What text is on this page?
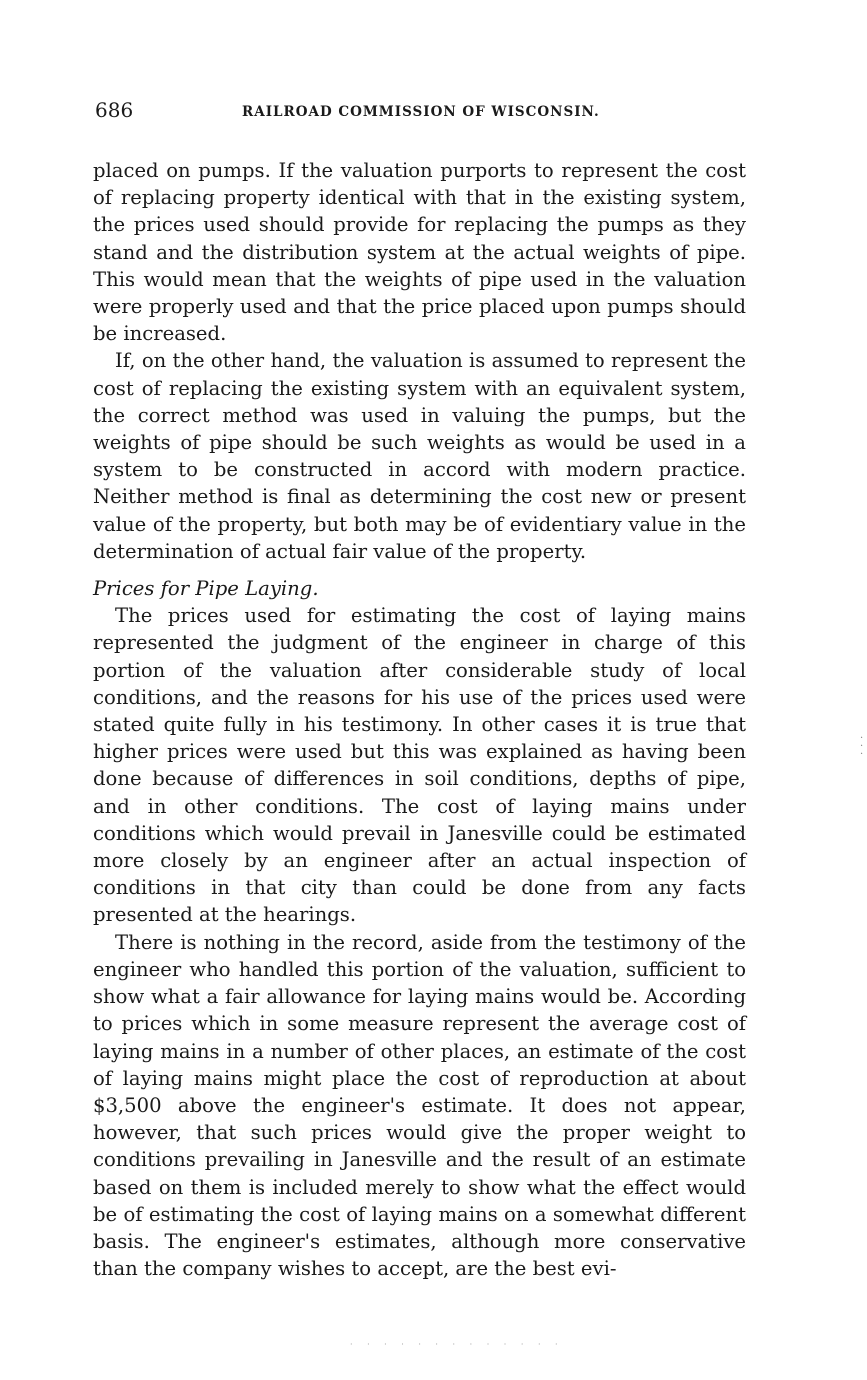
686	RAILROAD COMMISSION OF WISCONSIN.

placed on pumps. If the valuation purports to represent the cost of replacing property identical with that in the existing system, the prices used should provide for replacing the pumps as they stand and the distribution system at the actual weights of pipe. This would mean that the weights of pipe used in the valuation were properly used and that the price placed upon pumps should be increased.

If, on the other hand, the valuation is assumed to represent the cost of replacing the existing system with an equivalent system, the correct method was used in valuing the pumps, but the weights of pipe should be such weights as would be used in a system to be constructed in accord with modern practice. Neither method is final as determining the cost new or present value of the property, but both may be of evidentiary value in the determination of actual fair value of the property.

Prices for Pipe Laying.

The prices used for estimating the cost of laying mains represented the judgment of the engineer in charge of this portion of the valuation after considerable study of local conditions, and the reasons for his use of the prices used were stated quite fully in his testimony. In other cases it is true that higher prices were used but this was explained as having been done because of differences in soil conditions, depths of pipe, and in other conditions. The cost of laying mains under conditions which would prevail in Janesville could be estimated more closely by an engineer after an actual inspection of conditions in that city than could be done from any facts presented at the hearings.

There is nothing in the record, aside from the testimony of the engineer who handled this portion of the valuation, sufficient to show what a fair allowance for laying mains would be. According to prices which in some measure represent the average cost of laying mains in a number of other places, an estimate of the cost of laying mains might place the cost of reproduction at about $3,500 above the engineer's estimate. It does not appear, however, that such prices would give the proper weight to conditions prevailing in Janesville and the result of an estimate based on them is included merely to show what the effect would be of estimating the cost of laying mains on a somewhat different basis. The engineer's estimates, although more conservative than the company wishes to accept, are the best evi-

·
·
·
· · · · · · · · · · · · ·
